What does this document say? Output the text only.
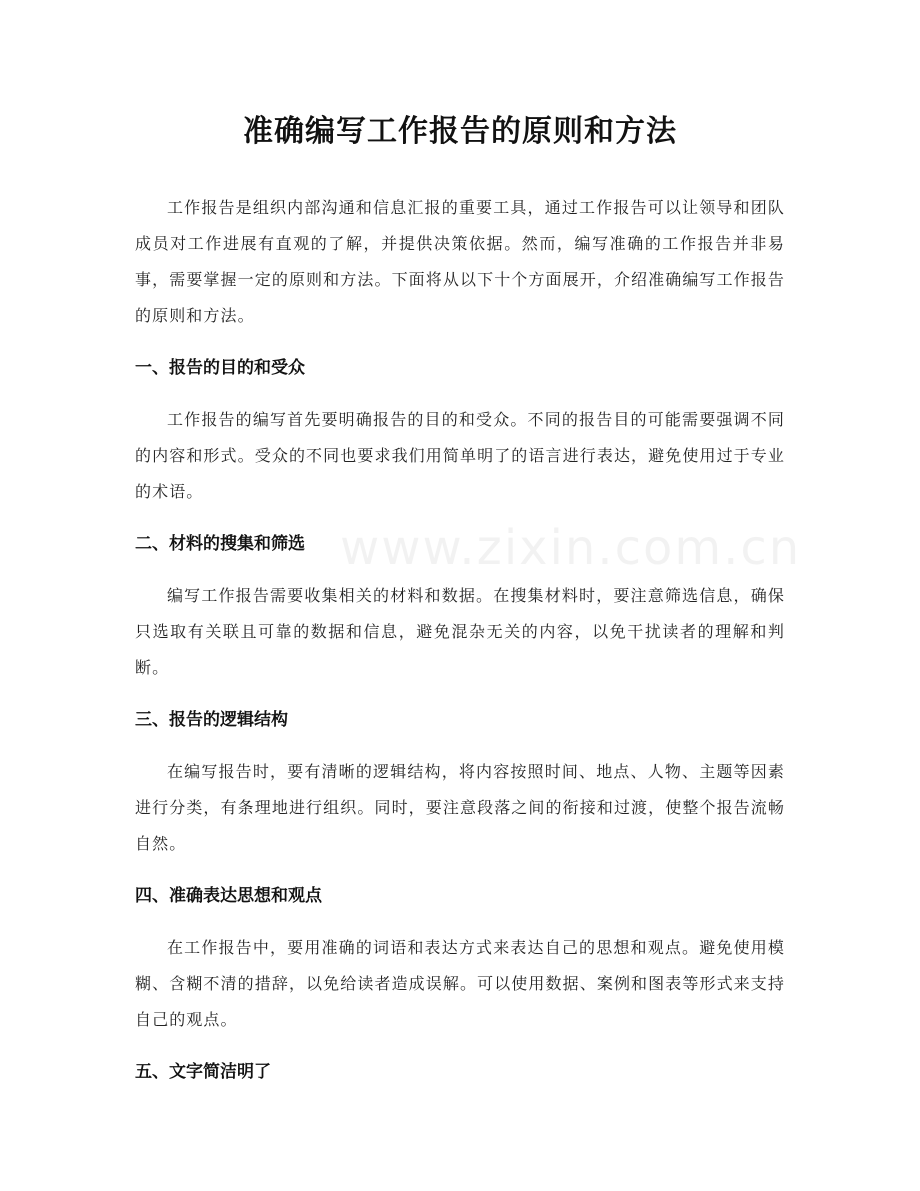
准确编写工作报告的原则和方法

工作报告是组织内部沟通和信息汇报的重要工具，通过工作报告可以让领导和团队成员对工作进展有直观的了解，并提供决策依据。然而，编写准确的工作报告并非易事，需要掌握一定的原则和方法。下面将从以下十个方面展开，介绍准确编写工作报告的原则和方法。

一、报告的目的和受众

工作报告的编写首先要明确报告的目的和受众。不同的报告目的可能需要强调不同的内容和形式。受众的不同也要求我们用简单明了的语言进行表达，避免使用过于专业的术语。

二、材料的搜集和筛选

编写工作报告需要收集相关的材料和数据。在搜集材料时，要注意筛选信息，确保只选取有关联且可靠的数据和信息，避免混杂无关的内容，以免干扰读者的理解和判断。

三、报告的逻辑结构

在编写报告时，要有清晰的逻辑结构，将内容按照时间、地点、人物、主题等因素进行分类，有条理地进行组织。同时，要注意段落之间的衔接和过渡，使整个报告流畅自然。

四、准确表达思想和观点

在工作报告中，要用准确的词语和表达方式来表达自己的思想和观点。避免使用模糊、含糊不清的措辞，以免给读者造成误解。可以使用数据、案例和图表等形式来支持自己的观点。

五、文字简洁明了
www.zixin.com.cn
